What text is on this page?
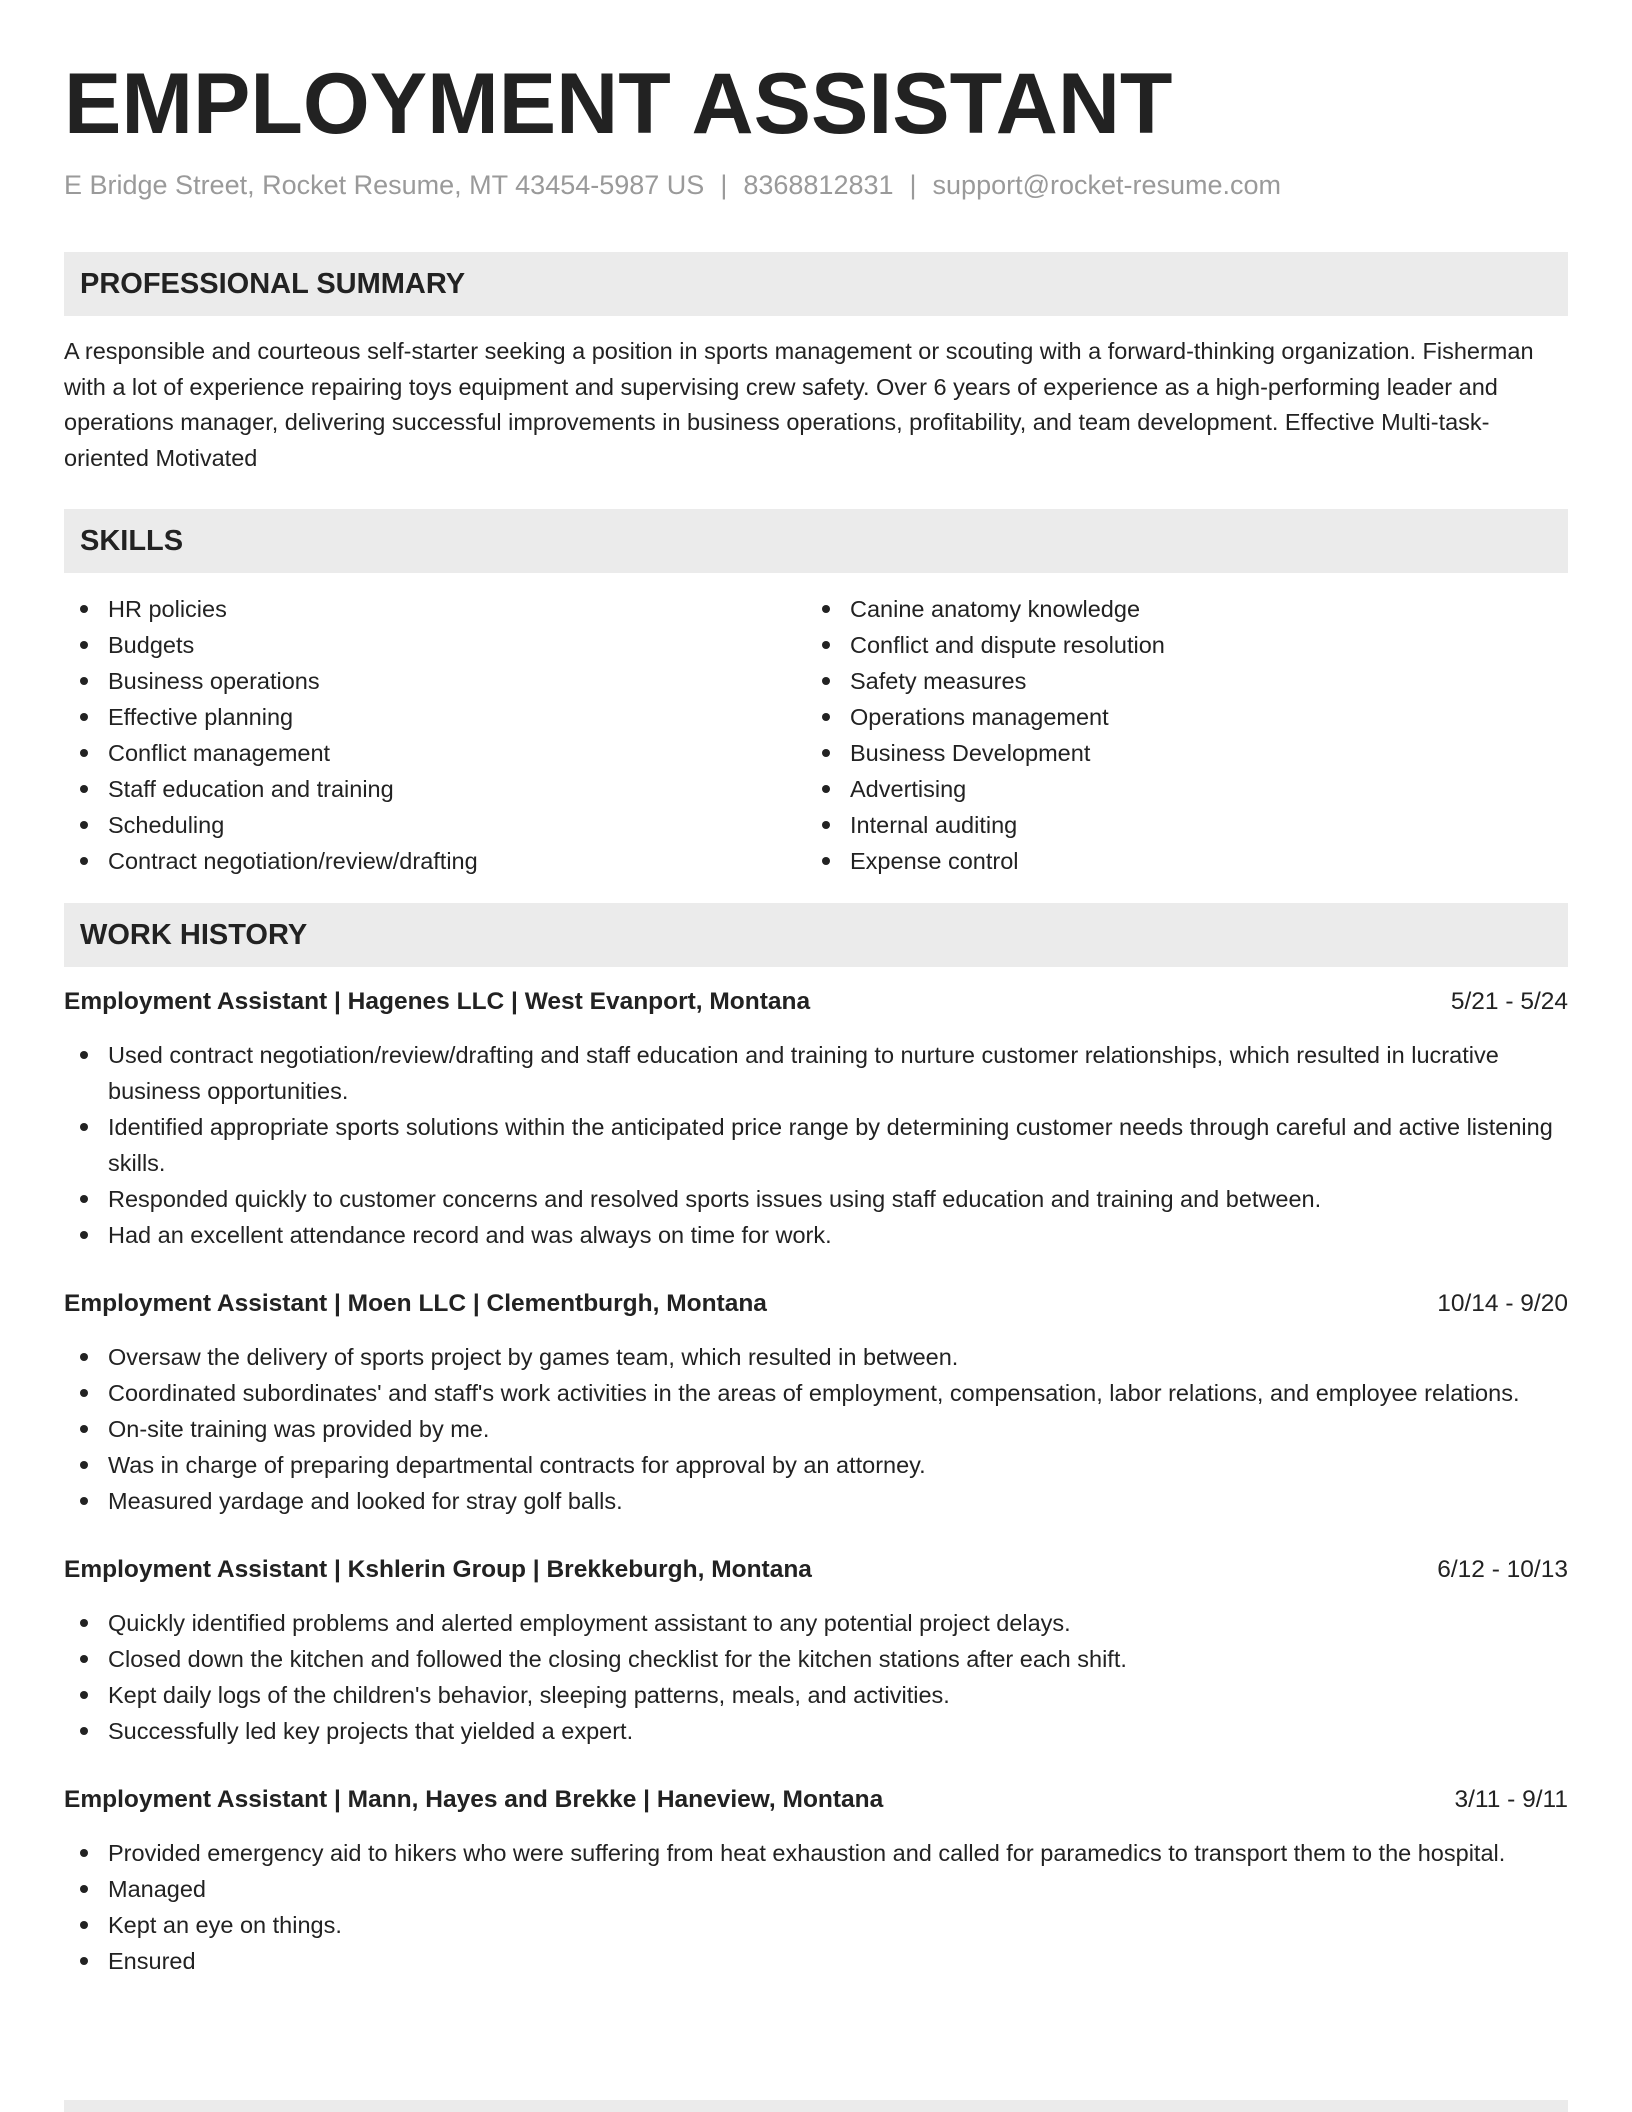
EMPLOYMENT ASSISTANT
E Bridge Street, Rocket Resume, MT 43454-5987 US | 8368812831 | support@rocket-resume.com
PROFESSIONAL SUMMARY
A responsible and courteous self-starter seeking a position in sports management or scouting with a forward-thinking organization. Fisherman with a lot of experience repairing toys equipment and supervising crew safety. Over 6 years of experience as a high-performing leader and operations manager, delivering successful improvements in business operations, profitability, and team development. Effective Multi-task-oriented Motivated
SKILLS
HR policies
Budgets
Business operations
Effective planning
Conflict management
Staff education and training
Scheduling
Contract negotiation/review/drafting
Canine anatomy knowledge
Conflict and dispute resolution
Safety measures
Operations management
Business Development
Advertising
Internal auditing
Expense control
WORK HISTORY
Employment Assistant | Hagenes LLC | West Evanport, Montana	5/21 - 5/24
Used contract negotiation/review/drafting and staff education and training to nurture customer relationships, which resulted in lucrative business opportunities.
Identified appropriate sports solutions within the anticipated price range by determining customer needs through careful and active listening skills.
Responded quickly to customer concerns and resolved sports issues using staff education and training and between.
Had an excellent attendance record and was always on time for work.
Employment Assistant | Moen LLC | Clementburgh, Montana	10/14 - 9/20
Oversaw the delivery of sports project by games team, which resulted in between.
Coordinated subordinates' and staff's work activities in the areas of employment, compensation, labor relations, and employee relations.
On-site training was provided by me.
Was in charge of preparing departmental contracts for approval by an attorney.
Measured yardage and looked for stray golf balls.
Employment Assistant | Kshlerin Group | Brekkeburgh, Montana	6/12 - 10/13
Quickly identified problems and alerted employment assistant to any potential project delays.
Closed down the kitchen and followed the closing checklist for the kitchen stations after each shift.
Kept daily logs of the children's behavior, sleeping patterns, meals, and activities.
Successfully led key projects that yielded a expert.
Employment Assistant | Mann, Hayes and Brekke | Haneview, Montana	3/11 - 9/11
Provided emergency aid to hikers who were suffering from heat exhaustion and called for paramedics to transport them to the hospital.
Managed
Kept an eye on things.
Ensured
